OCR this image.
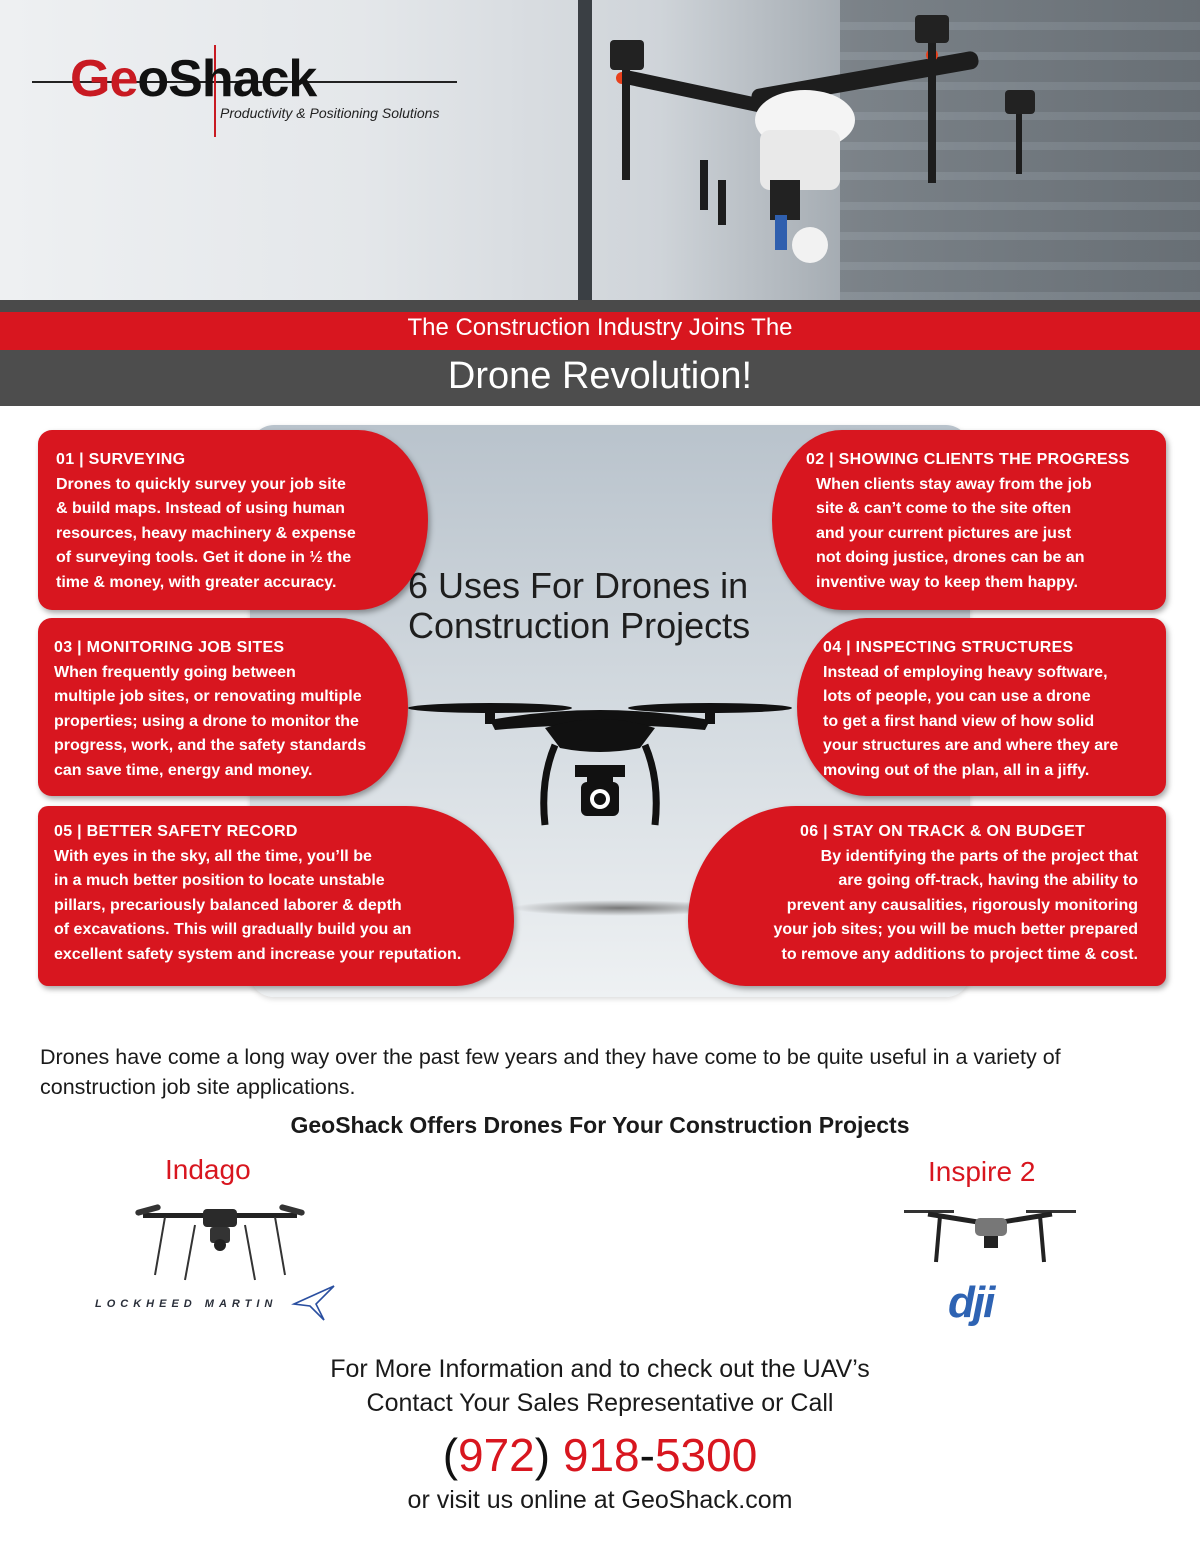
GeoShack
Productivity & Positioning Solutions
The Construction Industry Joins The
Drone Revolution!
6 Uses For Drones in
Construction Projects
01 | SURVEYING
Drones to quickly survey your job site
& build maps. Instead of using human
resources, heavy machinery & expense
of surveying tools. Get it done in ½ the
time & money, with greater accuracy.
02 | SHOWING CLIENTS THE PROGRESS
When clients stay away from the job
site & can’t come to the site often
and your current pictures are just
not doing justice, drones can be an
inventive way to keep them happy.
03 | MONITORING JOB SITES
When frequently going between
multiple job sites, or renovating multiple
properties; using a drone to monitor the
progress, work, and the safety standards
can save time, energy and money.
04 | INSPECTING STRUCTURES
Instead of employing heavy software,
lots of people, you can use a drone
to get a first hand view of how solid
your structures are and where they are
moving out of the plan, all in a jiffy.
05 | BETTER SAFETY RECORD
With eyes in the sky, all the time, you’ll be
in a much better position to locate unstable
pillars, precariously balanced laborer & depth
of excavations. This will gradually build you an
excellent safety system and increase your reputation.
06 | STAY ON TRACK & ON BUDGET
By identifying the parts of the project that
are going off-track, having the ability to
prevent any causalities, rigorously monitoring
your job sites; you will be much better prepared
to remove any additions to project time & cost.
Drones have come a long way over the past few years and they have come to be quite useful in a variety of construction job site applications.
GeoShack Offers Drones For Your Construction Projects
Indago
LOCKHEED MARTIN
Inspire 2
dji
For More Information and to check out the UAV’s
Contact Your Sales Representative or Call
(972) 918-5300
or visit us online at GeoShack.com
